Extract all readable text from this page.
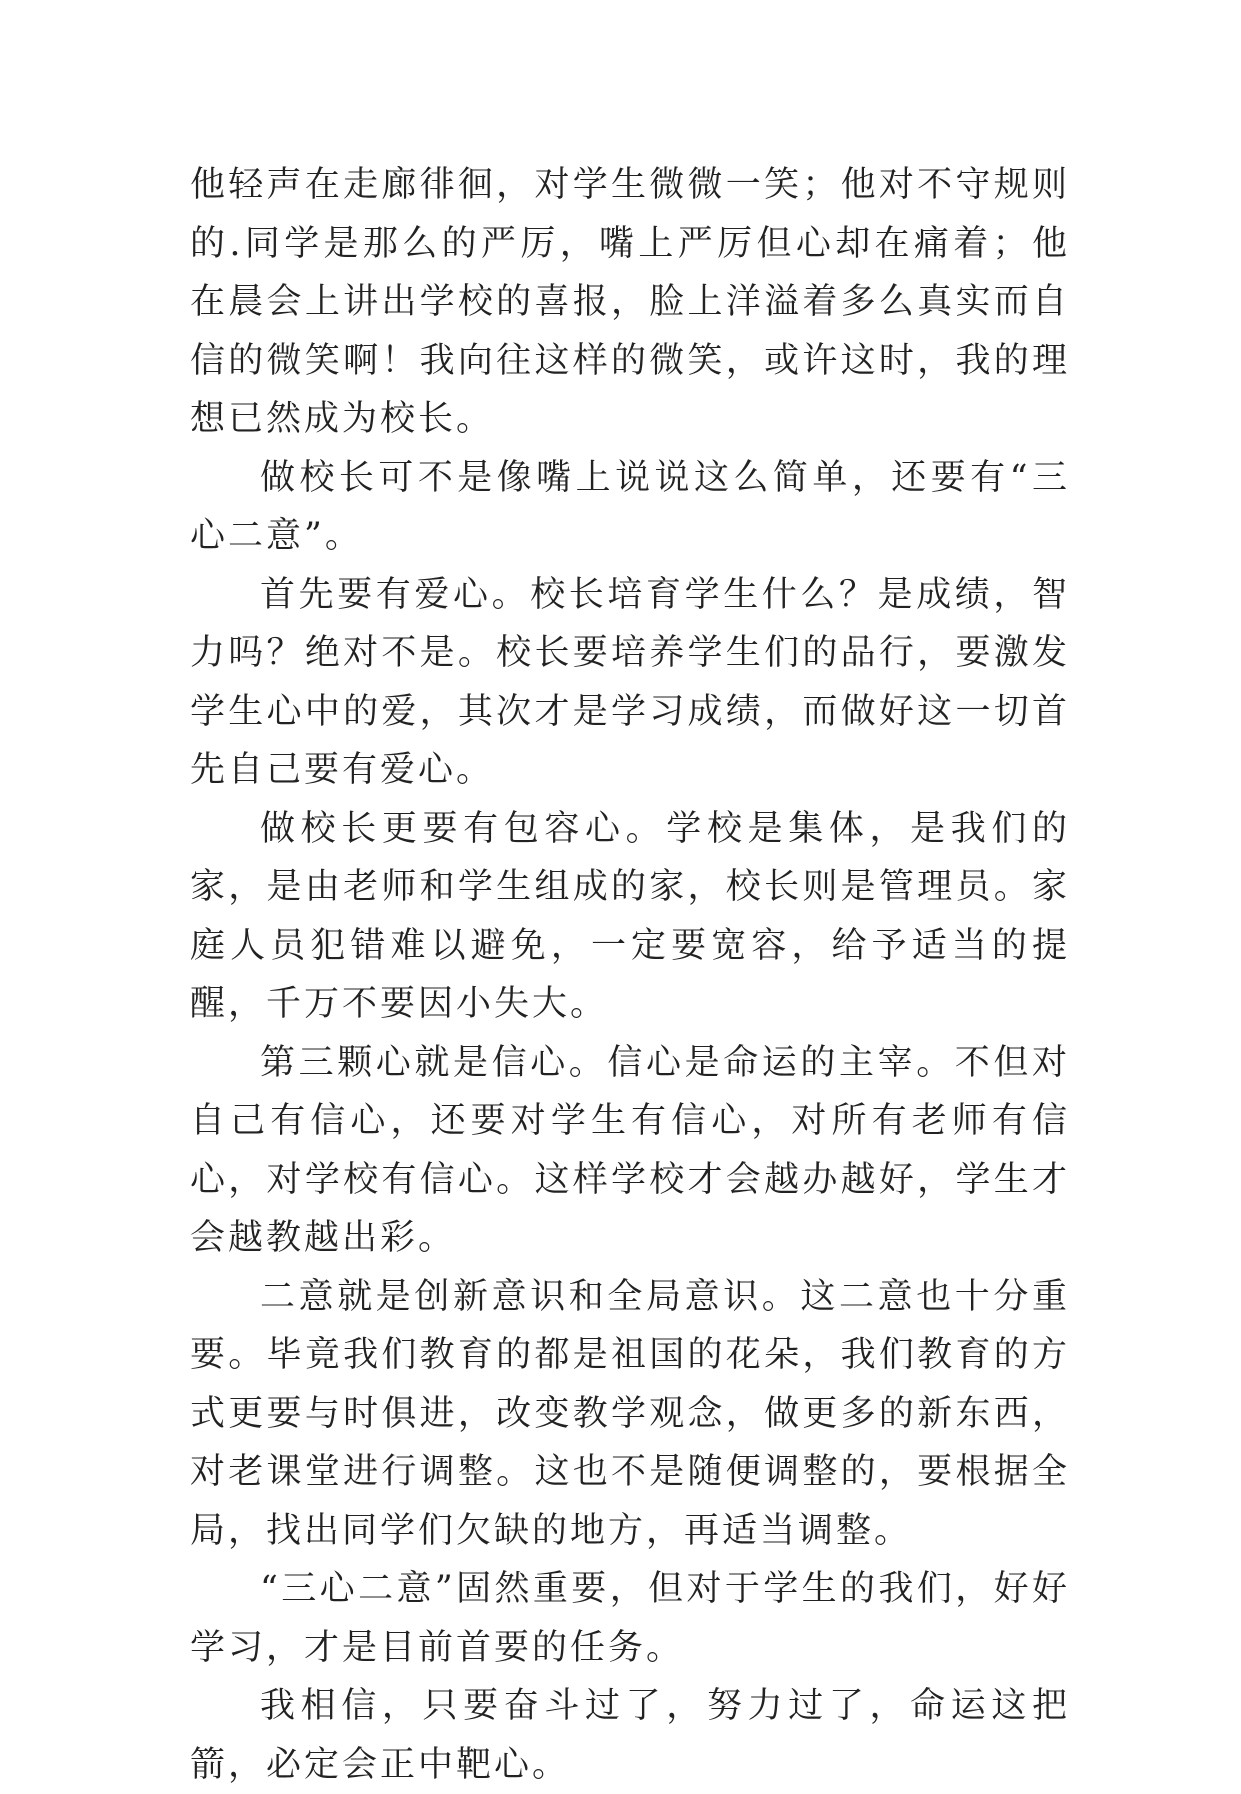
他轻声在走廊徘徊，对学生微微一笑；他对不守规则的.同学是那么的严厉，嘴上严厉但心却在痛着；他在晨会上讲出学校的喜报，脸上洋溢着多么真实而自信的微笑啊！我向往这样的微笑，或许这时，我的理想已然成为校长。

做校长可不是像嘴上说说这么简单，还要有“三心二意”。

首先要有爱心。校长培育学生什么？是成绩，智力吗？绝对不是。校长要培养学生们的品行，要激发学生心中的爱，其次才是学习成绩，而做好这一切首先自己要有爱心。

做校长更要有包容心。学校是集体，是我们的家，是由老师和学生组成的家，校长则是管理员。家庭人员犯错难以避免，一定要宽容，给予适当的提醒，千万不要因小失大。

第三颗心就是信心。信心是命运的主宰。不但对自己有信心，还要对学生有信心，对所有老师有信心，对学校有信心。这样学校才会越办越好，学生才会越教越出彩。

二意就是创新意识和全局意识。这二意也十分重要。毕竟我们教育的都是祖国的花朵，我们教育的方式更要与时俱进，改变教学观念，做更多的新东西，对老课堂进行调整。这也不是随便调整的，要根据全局，找出同学们欠缺的地方，再适当调整。

“三心二意”固然重要，但对于学生的我们，好好学习，才是目前首要的任务。

我相信，只要奋斗过了，努力过了，命运这把箭，必定会正中靶心。
